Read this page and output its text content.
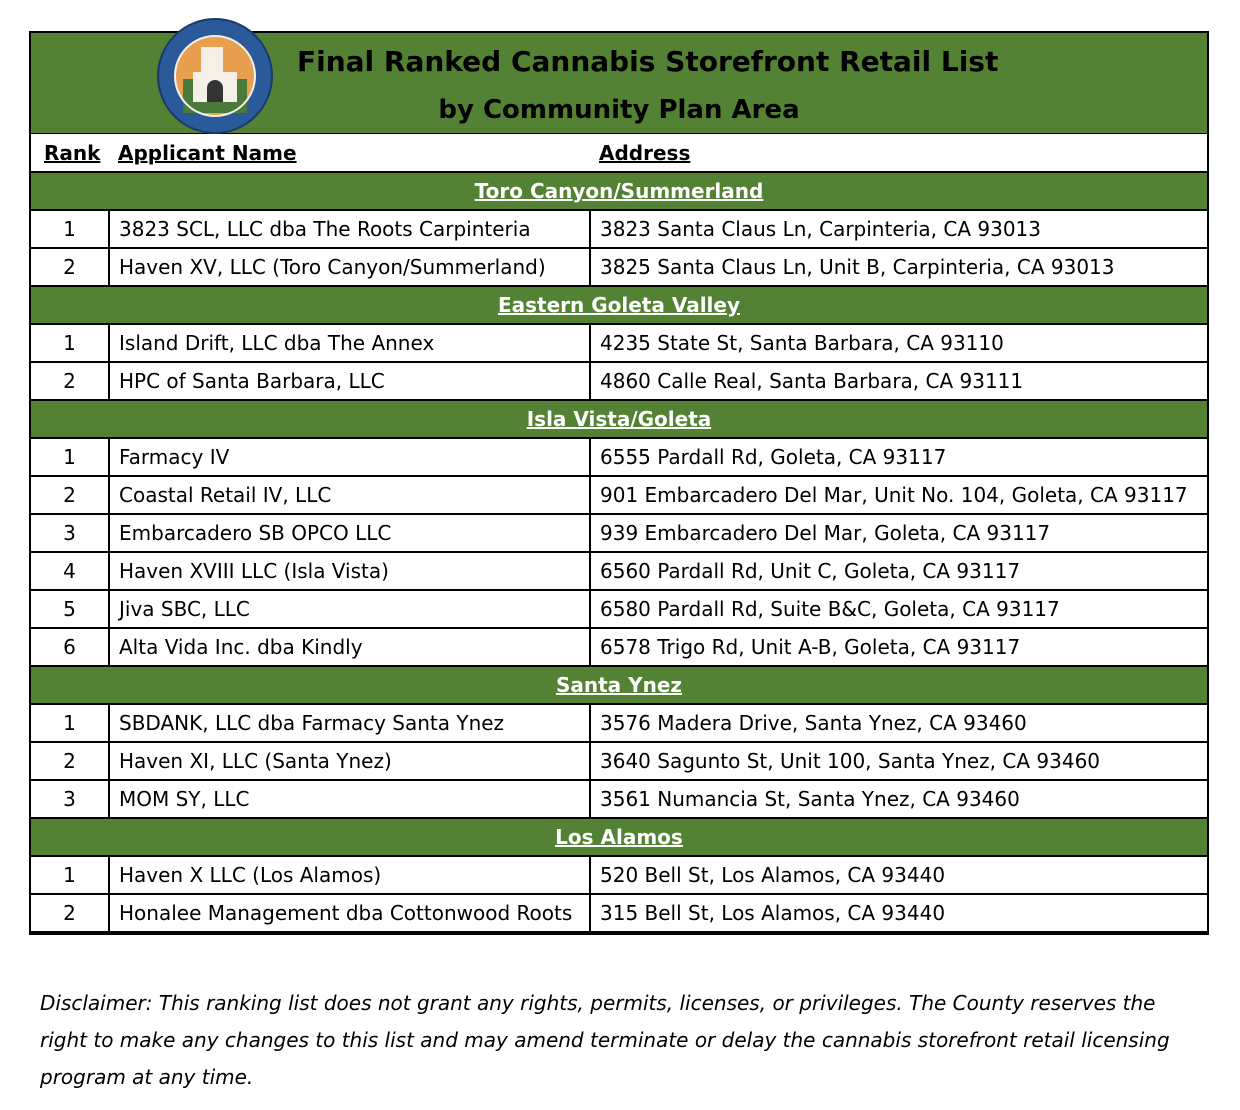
Final Ranked Cannabis Storefront Retail List
by Community Plan Area
Rank	Applicant Name	Address
Toro Canyon/Summerland		
1	3823 SCL, LLC dba The Roots Carpinteria	3823 Santa Claus Ln, Carpinteria, CA 93013
2	Haven XV, LLC (Toro Canyon/Summerland)	3825 Santa Claus Ln, Unit B, Carpinteria, CA 93013
Eastern Goleta Valley		
1	Island Drift, LLC dba The Annex	4235 State St, Santa Barbara, CA 93110
2	HPC of Santa Barbara, LLC	4860 Calle Real, Santa Barbara, CA 93111
Isla Vista/Goleta		
1	Farmacy IV	6555 Pardall Rd, Goleta, CA 93117
2	Coastal Retail IV, LLC	901 Embarcadero Del Mar, Unit No. 104, Goleta, CA 93117
3	Embarcadero SB OPCO LLC	939 Embarcadero Del Mar, Goleta, CA 93117
4	Haven XVIII LLC (Isla Vista)	6560 Pardall Rd, Unit C, Goleta, CA 93117
5	Jiva SBC, LLC	6580 Pardall Rd, Suite B&C, Goleta, CA 93117
6	Alta Vida Inc. dba Kindly	6578 Trigo Rd, Unit A-B, Goleta, CA 93117
Santa Ynez		
1	SBDANK, LLC dba Farmacy Santa Ynez	3576 Madera Drive, Santa Ynez, CA 93460
2	Haven XI, LLC (Santa Ynez)	3640 Sagunto St, Unit 100, Santa Ynez, CA 93460
3	MOM SY, LLC	3561 Numancia St, Santa Ynez, CA 93460
Los Alamos		
1	Haven X LLC (Los Alamos)	520 Bell St, Los Alamos, CA 93440
2	Honalee Management dba Cottonwood Roots	315 Bell St, Los Alamos, CA 93440
Disclaimer: This ranking list does not grant any rights, permits, licenses, or privileges. The County reserves the right to make any changes to this list and may amend terminate or delay the cannabis storefront retail licensing program at any time.
